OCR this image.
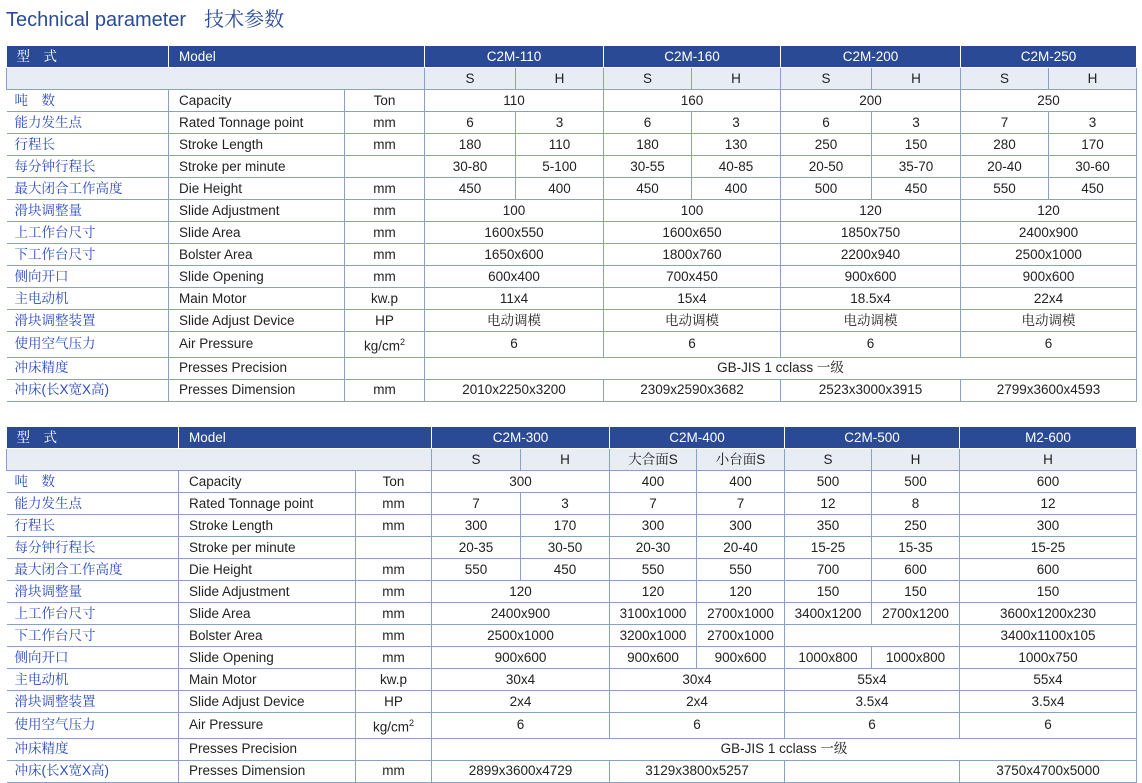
Technical parameter 技术参数
型　式	Model		C2M-110		C2M-160		C2M-200		C2M-250	
			S	H	S	H	S	H	S	H
吨　数	Capacity	Ton	110		160		200		250	
能力发生点	Rated Tonnage point	mm	6	3	6	3	6	3	7	3
行程长	Stroke Length	mm	180	110	180	130	250	150	280	170
每分钟行程长	Stroke per minute		30-80	5-100	30-55	40-85	20-50	35-70	20-40	30-60
最大闭合工作高度	Die Height	mm	450	400	450	400	500	450	550	450
滑块调整量	Slide Adjustment	mm	100		100		120		120	
上工作台尺寸	Slide Area	mm	1600x550		1600x650		1850x750		2400x900	
下工作台尺寸	Bolster Area	mm	1650x600		1800x760		2200x940		2500x1000	
侧向开口	Slide Opening	mm	600x400		700x450		900x600		900x600	
主电动机	Main Motor	kw.p	11x4		15x4		18.5x4		22x4	
滑块调整装置	Slide Adjust Device	HP	电动调模		电动调模		电动调模		电动调模	
使用空气压力	Air Pressure	$kg/cm^2$	6		6		6		6	
冲床精度	Presses Precision		GB-JIS 1 cclass 一级							
冲床(长X宽X高)	Presses Dimension	mm	2010x2250x3200		2309x2590x3682		2523x3000x3915		2799x3600x4593	
型　式	Model		C2M-300		C2M-400		C2M-500		M2-600
			S	H	大合面S	小台面S	S	H	H
吨　数	Capacity	Ton	300		400	400	500	500	600
能力发生点	Rated Tonnage point	mm	7	3	7	7	12	8	12
行程长	Stroke Length	mm	300	170	300	300	350	250	300
每分钟行程长	Stroke per minute		20-35	30-50	20-30	20-40	15-25	15-35	15-25
最大闭合工作高度	Die Height	mm	550	450	550	550	700	600	600
滑块调整量	Slide Adjustment	mm	120		120	120	150	150	150
上工作台尺寸	Slide Area	mm	2400x900		3100x1000	2700x1000	3400x1200	2700x1200	3600x1200x230
下工作台尺寸	Bolster Area	mm	2500x1000		3200x1000	2700x1000			3400x1100x105
侧向开口	Slide Opening	mm	900x600		900x600	900x600	1000x800	1000x800	1000x750
主电动机	Main Motor	kw.p	30x4		30x4		55x4		55x4
滑块调整装置	Slide Adjust Device	HP	2x4		2x4		3.5x4		3.5x4
使用空气压力	Air Pressure	$kg/cm^2$	6		6		6		6
冲床精度	Presses Precision		GB-JIS 1 cclass 一级						
冲床(长X宽X高)	Presses Dimension	mm	2899x3600x4729		3129x3800x5257				3750x4700x5000
